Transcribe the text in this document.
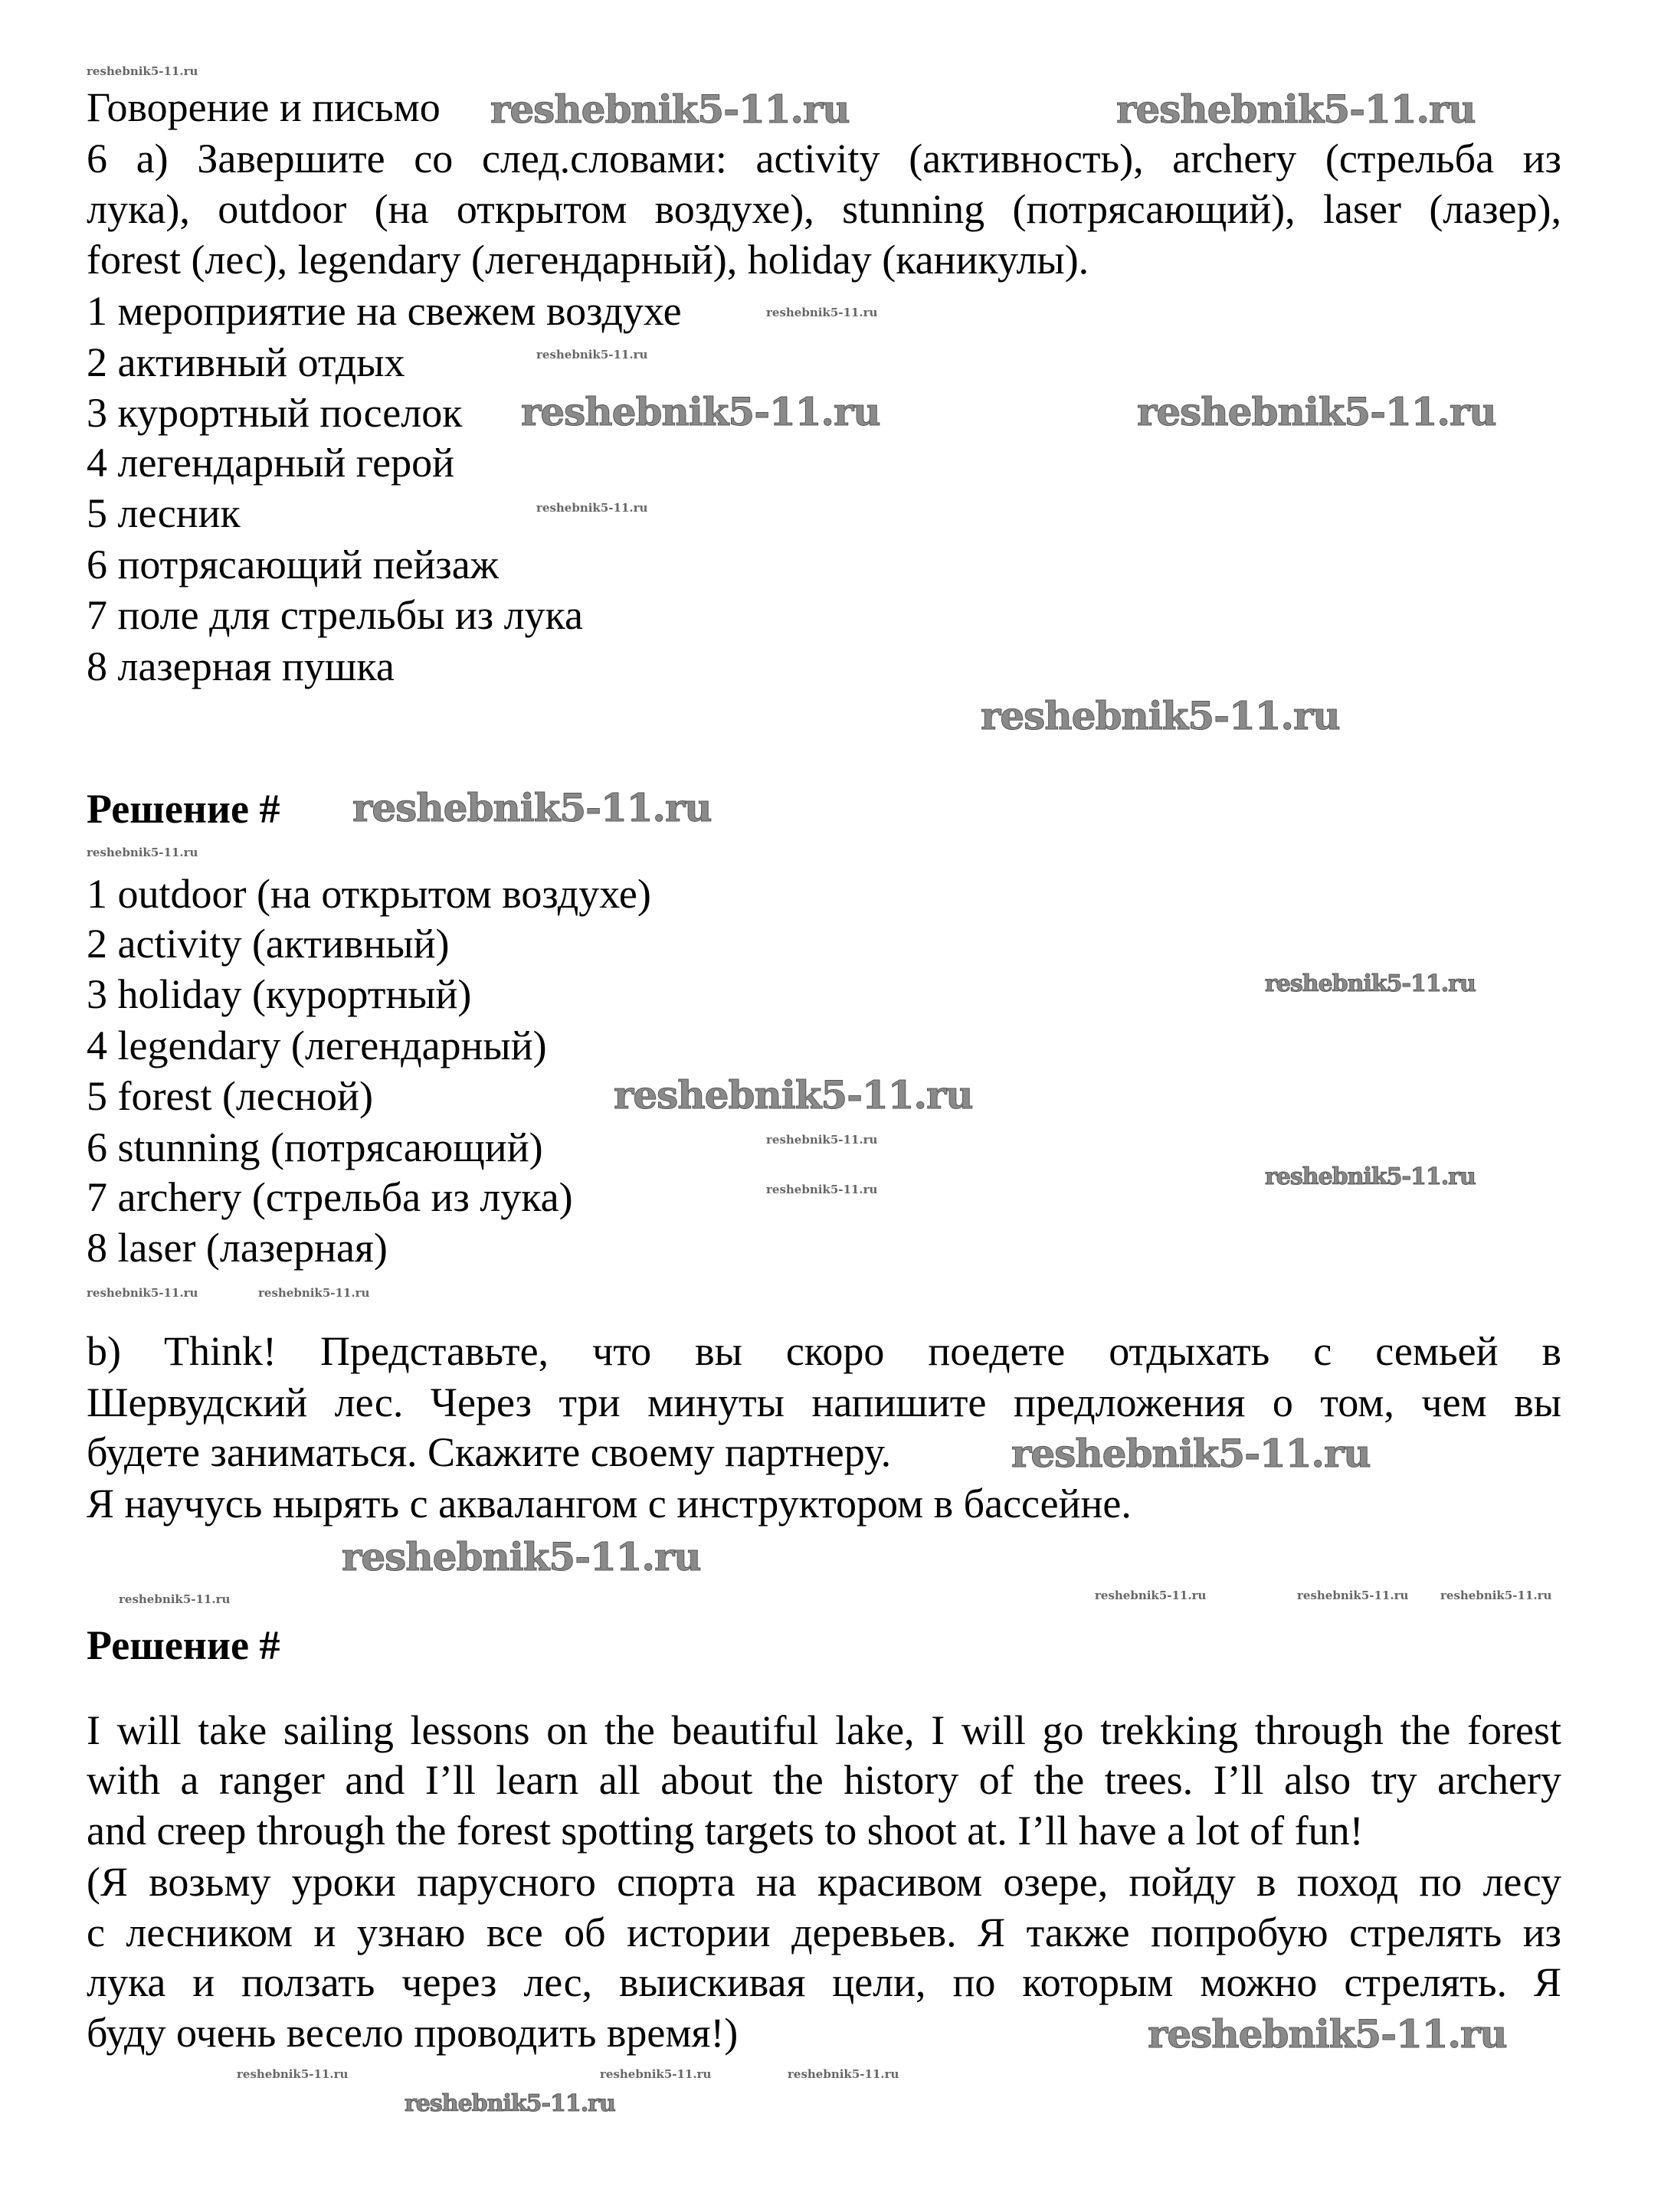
Говорение и письмо
6 а) Завершите со след.словами: activity (активность), archery (стрельба из
лука), outdoor (на открытом воздухе), stunning (потрясающий), laser (лазер),
forest (лес), legendary (легендарный), holiday (каникулы).
1 мероприятие на свежем воздухе
2 активный отдых
3 курортный поселок
4 легендарный герой
5 лесник
6 потрясающий пейзаж
7 поле для стрельбы из лука
8 лазерная пушка
Решение #
1 outdoor (на открытом воздухе)
2 activity (активный)
3 holiday (курортный)
4 legendary (легендарный)
5 forest (лесной)
6 stunning (потрясающий)
7 archery (стрельба из лука)
8 laser (лазерная)
b) Think! Представьте, что вы скоро поедете отдыхать с семьей в
Шервудский лес. Через три минуты напишите предложения о том, чем вы
будете заниматься. Скажите своему партнеру.
Я научусь нырять с аквалангом с инструктором в бассейне.
Решение #
I will take sailing lessons on the beautiful lake, I will go trekking through the forest
with a ranger and I’ll learn all about the history of the trees. I’ll also try archery
and creep through the forest spotting targets to shoot at. I’ll have a lot of fun!
(Я возьму уроки парусного спорта на красивом озере, пойду в поход по лесу
с лесником и узнаю все об истории деревьев. Я также попробую стрелять из
лука и ползать через лес, выискивая цели, по которым можно стрелять. Я
буду очень весело проводить время!)
reshebnik5-11.ru	reshebnik5-11.ru
reshebnik5-11.ru	reshebnik5-11.ru
reshebnik5-11.ru
reshebnik5-11.ru
reshebnik5-11.ru
reshebnik5-11.ru
reshebnik5-11.ru
reshebnik5-11.ru
reshebnik5-11.ru
reshebnik5-11.ru
reshebnik5-11.ru
reshebnik5-11.ru
reshebnik5-11.ru
reshebnik5-11.ru
reshebnik5-11.ru
reshebnik5-11.ru
reshebnik5-11.ru
reshebnik5-11.ru
reshebnik5-11.ru	reshebnik5-11.ru
reshebnik5-11.ru
reshebnik5-11.ru	reshebnik5-11.ru
reshebnik5-11.ru
reshebnik5-11.ru
reshebnik5-11.ru	reshebnik5-11.ru
